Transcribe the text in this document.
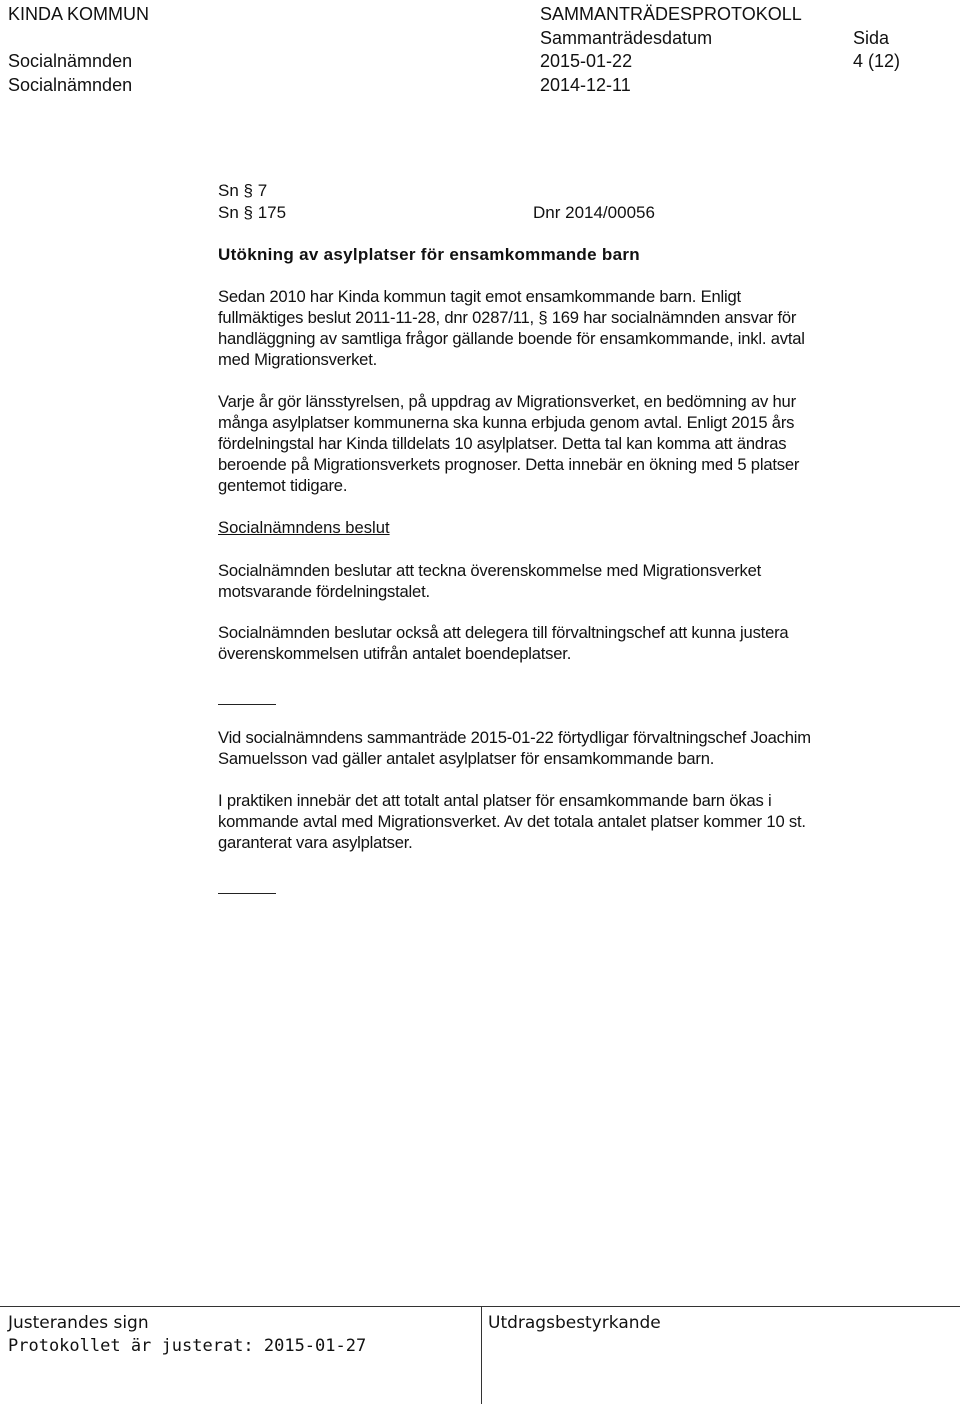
KINDA KOMMUN	SAMMANTRÄDESPROTOKOLL
Sammanträdesdatum	Sida
Socialnämnden	2015-01-22	4 (12)
Socialnämnden	2014-12-11
Sn § 7
Sn § 175	Dnr 2014/00056
Utökning av asylplatser för ensamkommande barn

Sedan 2010 har Kinda kommun tagit emot ensamkommande barn. Enligt

fullmäktiges beslut 2011-11-28, dnr 0287/11, § 169 har socialnämnden ansvar för

handläggning av samtliga frågor gällande boende för ensamkommande, inkl. avtal

med Migrationsverket.

Varje år gör länsstyrelsen, på uppdrag av Migrationsverket, en bedömning av hur

många asylplatser kommunerna ska kunna erbjuda genom avtal. Enligt 2015 års

fördelningstal har Kinda tilldelats 10 asylplatser. Detta tal kan komma att ändras

beroende på Migrationsverkets prognoser. Detta innebär en ökning med 5 platser

gentemot tidigare.

Socialnämndens beslut

Socialnämnden beslutar att teckna överenskommelse med Migrationsverket

motsvarande fördelningstalet.

Socialnämnden beslutar också att delegera till förvaltningschef att kunna justera

överenskommelsen utifrån antalet boendeplatser.

Vid socialnämndens sammanträde 2015-01-22 förtydligar förvaltningschef Joachim

Samuelsson vad gäller antalet asylplatser för ensamkommande barn.

I praktiken innebär det att totalt antal platser för ensamkommande barn ökas i

kommande avtal med Migrationsverket. Av det totala antalet platser kommer 10 st.

garanterat vara asylplatser.

Justerandes sign
Protokollet är justerat: 2015-01-27
Utdragsbestyrkande
